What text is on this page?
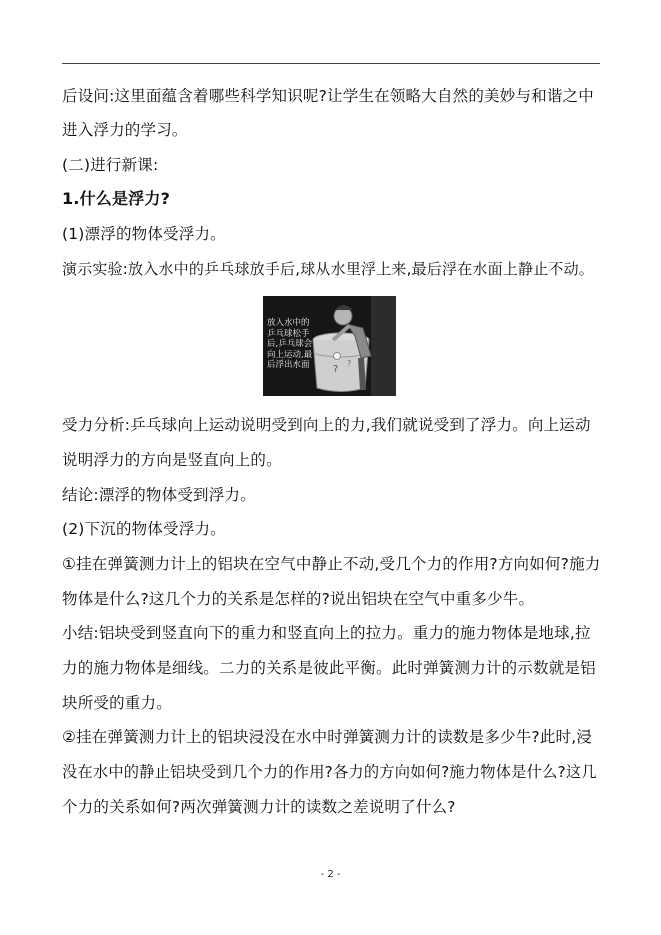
后设问:这里面蕴含着哪些科学知识呢?让学生在领略大自然的美妙与和谐之中
进入浮力的学习。
(二)进行新课:
1.什么是浮力?
(1)漂浮的物体受浮力。
演示实验:放入水中的乒乓球放手后,球从水里浮上来,最后浮在水面上静止不动。
?
?
放入水中的乒乓球松手后,乒乓球会向上运动,最后浮出水面
受力分析:乒乓球向上运动说明受到向上的力,我们就说受到了浮力。向上运动
说明浮力的方向是竖直向上的。
结论:漂浮的物体受到浮力。
(2)下沉的物体受浮力。
①挂在弹簧测力计上的铝块在空气中静止不动,受几个力的作用?方向如何?施力
物体是什么?这几个力的关系是怎样的?说出铝块在空气中重多少牛。
小结:铝块受到竖直向下的重力和竖直向上的拉力。重力的施力物体是地球,拉
力的施力物体是细线。二力的关系是彼此平衡。此时弹簧测力计的示数就是铝
块所受的重力。
②挂在弹簧测力计上的铝块浸没在水中时弹簧测力计的读数是多少牛?此时,浸
没在水中的静止铝块受到几个力的作用?各力的方向如何?施力物体是什么?这几
个力的关系如何?两次弹簧测力计的读数之差说明了什么?
- 2 -
